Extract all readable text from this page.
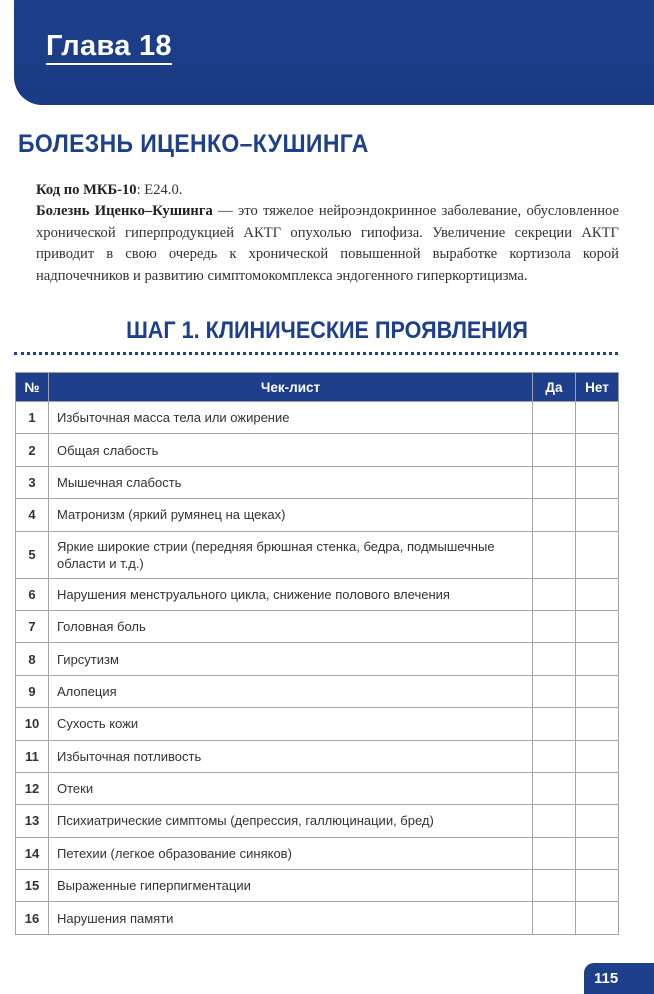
Глава 18
БОЛЕЗНЬ ИЦЕНКО–КУШИНГА

Код по МКБ-10: E24.0.

Болезнь Иценко–Кушинга — это тяжелое нейроэндокринное заболевание, обусловленное хронической гиперпродукцией АКТГ опухолью гипофиза. Увеличение секреции АКТГ приводит в свою очередь к хронической повышенной выработке кортизола корой надпочечников и развитию симптомокомплекса эндогенного гиперкортицизма.

ШАГ 1. КЛИНИЧЕСКИЕ ПРОЯВЛЕНИЯ
№	Чек-лист	Да	Нет
1	Избыточная масса тела или ожирение		
2	Общая слабость		
3	Мышечная слабость		
4	Матронизм (яркий румянец на щеках)		
5	Яркие широкие стрии (передняя брюшная стенка, бедра, подмышечные области и т.д.)		
6	Нарушения менструального цикла, снижение полового влечения		
7	Головная боль		
8	Гирсутизм		
9	Алопеция		
10	Сухость кожи		
11	Избыточная потливость		
12	Отеки		
13	Психиатрические симптомы (депрессия, галлюцинации, бред)		
14	Петехии (легкое образование синяков)		
15	Выраженные гиперпигментации		
16	Нарушения памяти		
115
